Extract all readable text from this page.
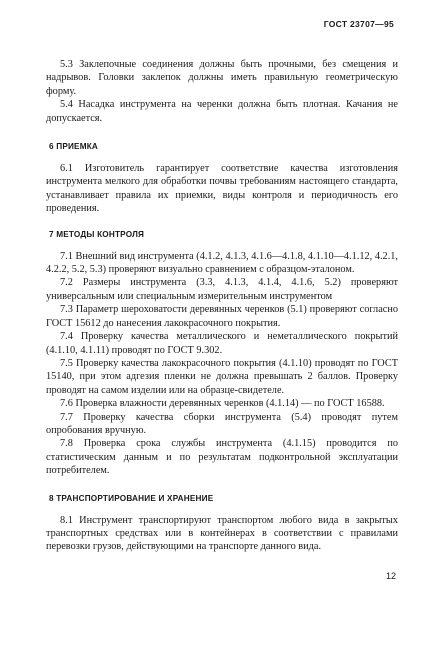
ГОСТ 23707—95

5.3 Заклепочные соединения должны быть прочными, без смещения и надрывов. Головки заклепок должны иметь правильную геометрическую форму.

5.4 Насадка инструмента на черенки должна быть плотная. Качания не допускается.

6 ПРИЕМКА

6.1 Изготовитель гарантирует соответствие качества изготовления инструмента мелкого для обработки почвы требованиям настоящего стандарта, устанавливает правила их приемки, виды контроля и периодичность его проведения.

7 МЕТОДЫ КОНТРОЛЯ

7.1 Внешний вид инструмента (4.1.2, 4.1.3, 4.1.6—4.1.8, 4.1.10—4.1.12, 4.2.1, 4.2.2, 5.2, 5.3) проверяют визуально сравнением с образцом-эталоном.

7.2 Размеры инструмента (3.3, 4.1.3, 4.1.4, 4.1.6, 5.2) проверяют универсальным или специальным измерительным инструментом

7.3 Параметр шероховатости деревянных черенков (5.1) проверяют согласно ГОСТ 15612 до нанесения лакокрасочного покрытия.

7.4 Проверку качества металлического и неметаллического покрытий (4.1.10, 4.1.11) проводят по ГОСТ 9.302.

7.5 Проверку качества лакокрасочного покрытия (4.1.10) проводят по ГОСТ 15140, при этом адгезия пленки не должна превышать 2 баллов. Проверку проводят на самом изделии или на образце-свидетеле.

7.6 Проверка влажности деревянных черенков (4.1.14) — по ГОСТ 16588.

7.7 Проверку качества сборки инструмента (5.4) проводят путем опробования вручную.

7.8 Проверка срока службы инструмента (4.1.15) проводится по статистическим данным и по результатам подконтрольной эксплуатации потребителем.

8 ТРАНСПОРТИРОВАНИЕ И ХРАНЕНИЕ

8.1 Инструмент транспортируют транспортом любого вида в закрытых транспортных средствах или в контейнерах в соответствии с правилами перевозки грузов, действующими на транспорте данного вида.

12
